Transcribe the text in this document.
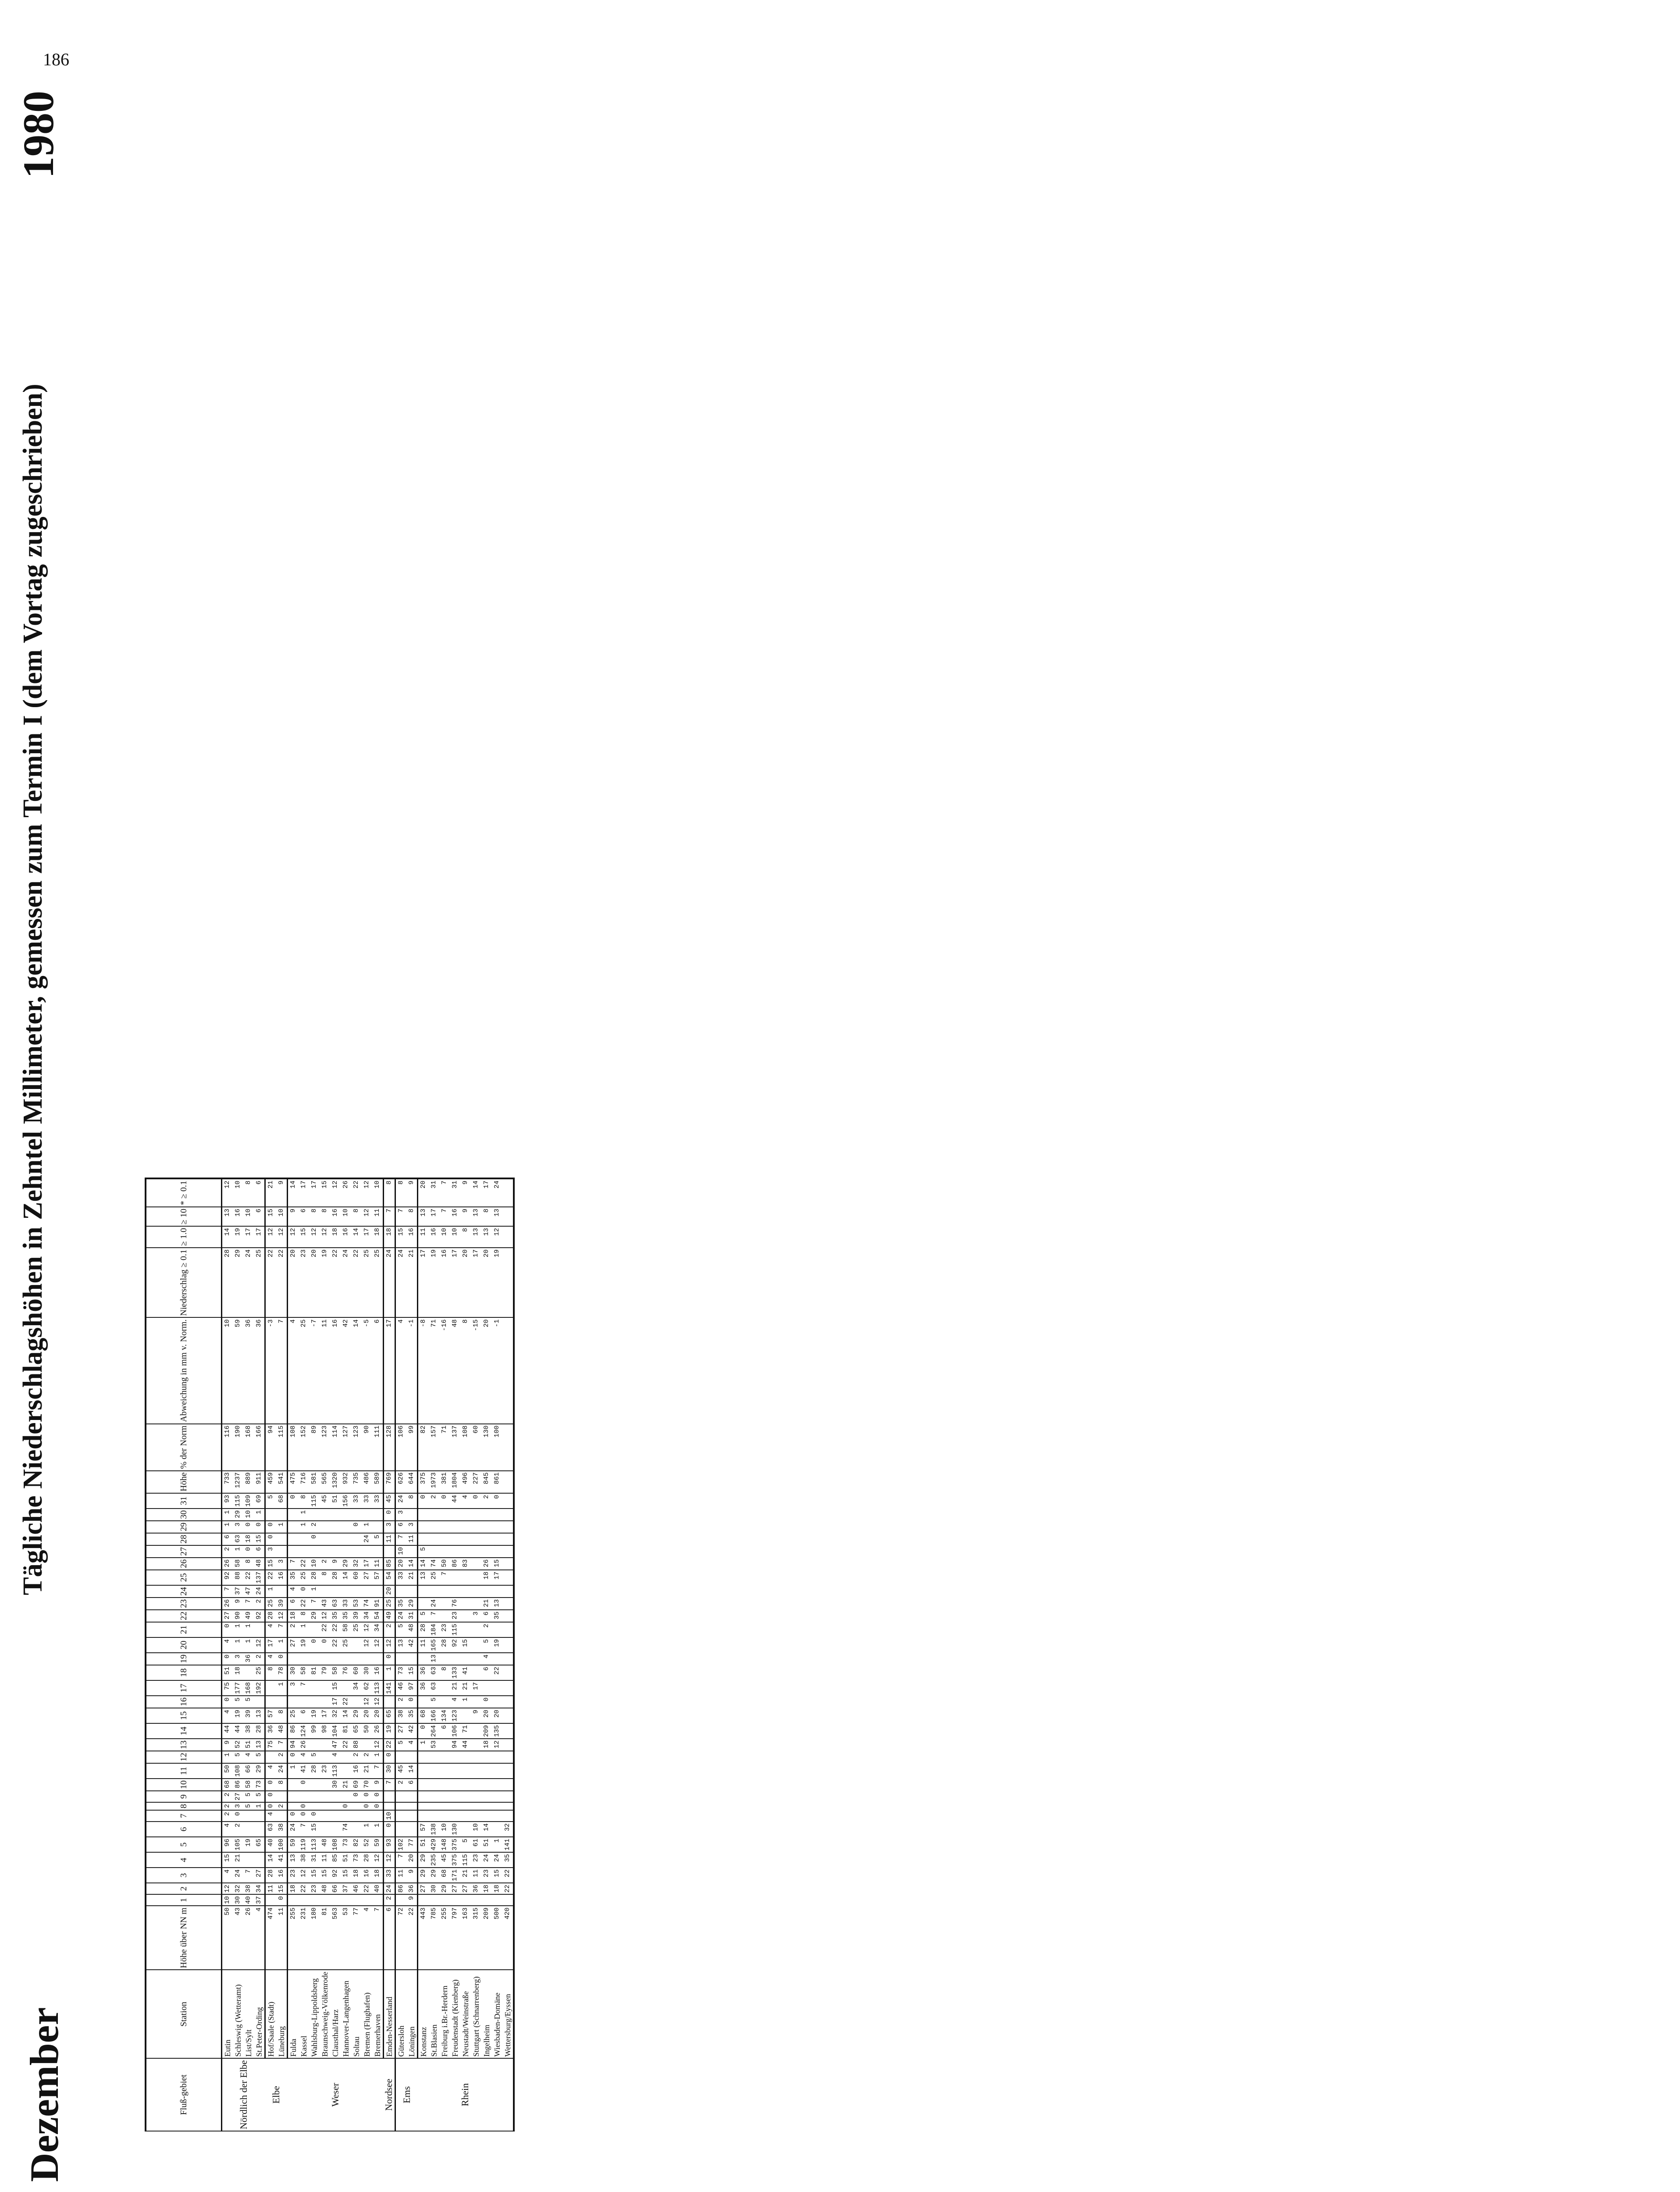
186
Dezember
Tägliche Niederschlagshöhen in Zehntel Millimeter, gemessen zum Termin I (dem Vortag zugeschrieben)
1980
Fluß-gebiet	Station	Höhe über NN m	1	2	3	4	5	6	7	8	9	10	11	12	13	14	15	16	17	18	19	20	21	22	23	24	25	26	27	28	29	30	31	Höhe	% der Norm	Abweichung in mm v. Norm.	Niederschlag ≥ 0.1	≥ 1.0	≥ 10	* ≥ 0.1
Nördlich der Elbe	Eutin	50	10	12	4	15	96	4	2	2	2	68	50	1	9	44	4	0	75	51	0	4	0	27	26	7	92	26	2	6	1	1	93	733	116	10	28	14	13	12
	Schleswig (Wetteramt)	43	30	32	24	21	105	2	0	3	27	86	108	5	52	44	19	5	177	18	3	1	1	90	9	37	88	58	1	63	3	29	115	1237	190	59	29	19	16	10
	List/Sylt	26	40	38	7		19			5	5	58	66	4	51	38	39	5	168		36	1	1	49	7	47	22	8	0	18	0	10	109	889	168	36	24	17	10	8
	St.Peter-Ording	4	37	34	27		65			1	5	73	29	5	13	28	13		192	25	2	12		92	2	24	137	48	6	15	0	1	69	911	166	36	25	17	6	6
Elbe	Hof/Saale (Stadt)	474		11	28	14	40	63	4	0	0	0	4		75	36	57			8	4	17	4	28	25	1	22	15	3	0	0		5	459	94	-3	22	12	15	21
	Lüneburg	11	0	15	16	41	100	38		2		8	24	2	7	48	8		1	78	0	1	7	12	39		16	3			1		68	541	115	7	22	12	10	9
Weser	Fulda	255		18	23	13	59	24	0				1	0	94	86	25		3	30		27	2	18	6	4	35	7					0	475	108	4	20	12	9	14
	Kassel	231		22	12	38	119	7	0	0		0	41	4	26	124	6		7	58		19	1	8	22	0	25	22			1	1	8	716	152	25	23	15	6	17
	Wahlsburg-Lippoldsberg	180		23	15	31	113	15	0				28	5		99	19			81		0		29	7	1	28	10		0	2		115	581	89	-7	20	12	8	17
	Braunschweig-Völkenrode	81		48	15	11	48						23			98	17			79		0	22	12	43		8	2					45	565	123	11	19	12	8	15
	Clausthal/Harz	563		66	92	85	108					30	113	4	47	104	32	17	15	58		22	22	35	63		28	9					51	1320	114	16	22	18	16	12
	Hannover-Langenhagen	53		37	15	51	73	74		0		21			22	81	14	22		76		25	58	35	33		14	29					156	932	127	42	24	16	10	26
	Soltau	77		46	18	73	82				0	69	16	2	88	65	29		34	60			25	39	53		60	32			0		33	735	123	14	22	14	8	22
	Bremen (Flughafen)	4		22	16	28	52	1		0	0	70	21	2		50	20	12	62	30		12	12	34	74		27	17		24	1		33	486	90	-5	25	17	12	12
	Bremerhaven	7		40	18	12	59	1		0	0	9	7	1	12	26	20	12	113	16		12	34	54	91		57	11		5			33	589	111	6	25	18	11	10
Nordsee	Emden-Nesserland	6	2	24	33	12	93	0	10			7	30	0	22	19	65		141	1	0	12	2	49	25	20	54	85		11	3	0	45	769	128	17	24	18	7	8
Ems	Gütersloh	72		86	11	7	102					2	45		5	27	38	2	46	73		13	5	24	35		33	20	10	7	6	3	24	626	106	4	24	15	7	8
	Löningen	22	9	36	9	20	77					6	14		4	42	35	0	97	15		42	48	31	29		21	14		11	3		8	644	99	-1	21	16	8	9
Rhein	Konstanz	443		27	29	29	51	57							1	0	68		36	36		11	28	5			13	14	5				0	375	82	-8	17	11	13	20
	St.Blasien	785		30	29	235	429	138							53	264	166	5	63	63	13	165	184	7	24		25	74					2	1973	157	71	19	16	17	31
	Freiburg i.Br.-Herdern	255		29	68	45	148	10								6	134			8		28	23				7	50					0	381	71	-16	16	10	7	7
	Freudenstadt (Kienberg)	797		27	171	375	375	130							94	106	123	4	21	133		92	115	23	76			86					44	1804	137	48	17	10	16	31
	Neustadt/Weinstraße	163		27	21	115	5								44	71		1	21	41		15						83					4	496	108	8	20	8	9	9
	Stuttgart (Schnarrenberg)	315		36	11	23	61	10									9		17					3									0	227	60	-15	17	13	13	14
	Ingelheim	209		18	23	24	51	14							18	209	20	0		6	4	5	2	6	21		18	26					2	845	130	20	20	13	8	17
	Wiesbaden-Domäne	500		18	15	24	1								12	135	20			22		19		35	13		17	15					0	861	100	-1	19	12	13	24
	Wettersburg/Eyssen	420		22	22	35	141	32																																
